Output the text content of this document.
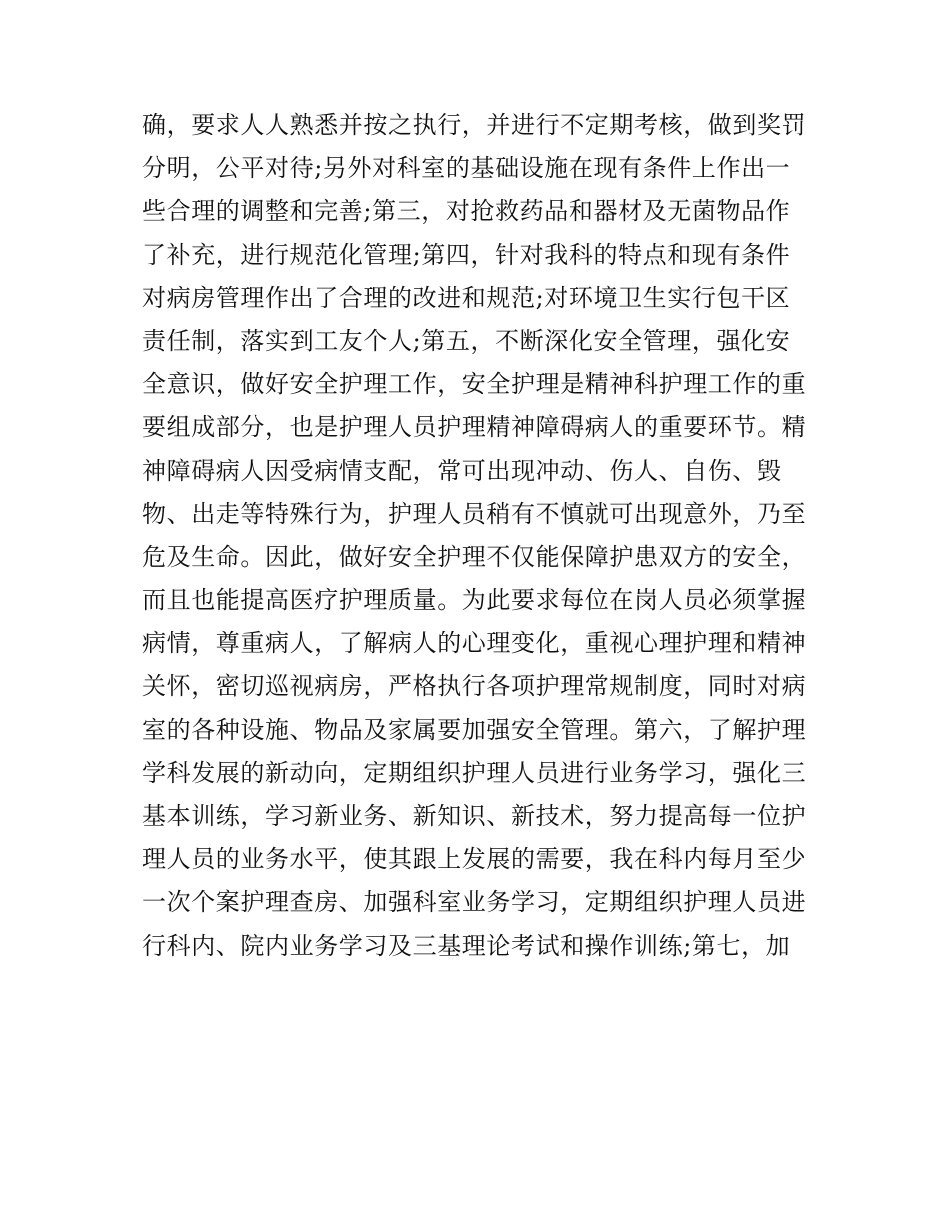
确，要求人人熟悉并按之执行，并进行不定期考核，做到奖罚
分明，公平对待;另外对科室的基础设施在现有条件上作出一
些合理的调整和完善;第三，对抢救药品和器材及无菌物品作
了补充，进行规范化管理;第四，针对我科的特点和现有条件
对病房管理作出了合理的改进和规范;对环境卫生实行包干区
责任制，落实到工友个人;第五，不断深化安全管理，强化安
全意识，做好安全护理工作，安全护理是精神科护理工作的重
要组成部分，也是护理人员护理精神障碍病人的重要环节。精
神障碍病人因受病情支配，常可出现冲动、伤人、自伤、毁
物、出走等特殊行为，护理人员稍有不慎就可出现意外，乃至
危及生命。因此，做好安全护理不仅能保障护患双方的安全，
而且也能提高医疗护理质量。为此要求每位在岗人员必须掌握
病情，尊重病人，了解病人的心理变化，重视心理护理和精神
关怀，密切巡视病房，严格执行各项护理常规制度，同时对病
室的各种设施、物品及家属要加强安全管理。第六，了解护理
学科发展的新动向，定期组织护理人员进行业务学习，强化三
基本训练，学习新业务、新知识、新技术，努力提高每一位护
理人员的业务水平，使其跟上发展的需要，我在科内每月至少
一次个案护理查房、加强科室业务学习，定期组织护理人员进
行科内、院内业务学习及三基理论考试和操作训练;第七，加
